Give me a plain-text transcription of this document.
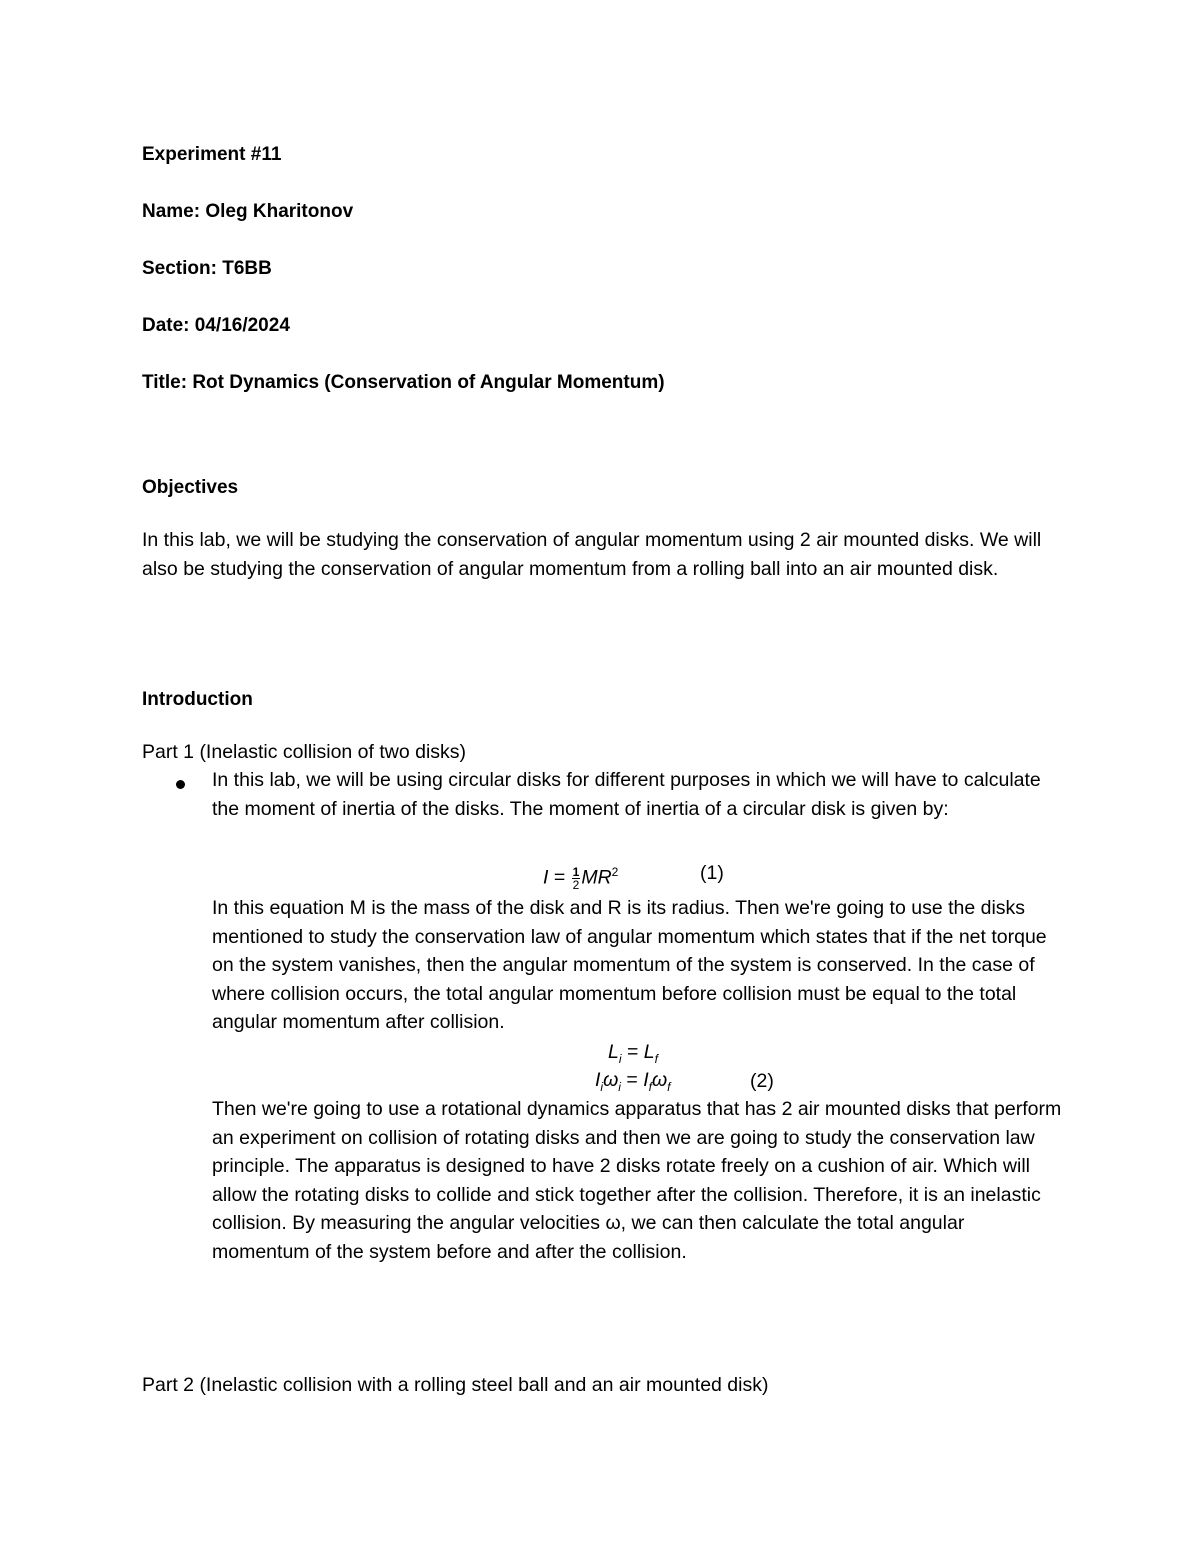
Experiment #11
Name: Oleg Kharitonov
Section: T6BB
Date: 04/16/2024
Title: Rot Dynamics (Conservation of Angular Momentum)
Objectives
In this lab, we will be studying the conservation of angular momentum using 2 air mounted disks. We will also be studying the conservation of angular momentum from a rolling ball into an air mounted disk.
Introduction
Part 1 (Inelastic collision of two disks)
In this lab, we will be using circular disks for different purposes in which we will have to calculate the moment of inertia of the disks. The moment of inertia of a circular disk is given by:
$I = \frac{1}{2} MR^2$	(1)
In this equation M is the mass of the disk and R is its radius. Then we're going to use the disks mentioned to study the conservation law of angular momentum which states that if the net torque on the system vanishes, then the angular momentum of the system is conserved. In the case of where collision occurs, the total angular momentum before collision must be equal to the total angular momentum after collision.
$L_i = L_f$
$I_i\omega_i = I_f\omega_f$	(2)
Then we're going to use a rotational dynamics apparatus that has 2 air mounted disks that perform an experiment on collision of rotating disks and then we are going to study the conservation law principle. The apparatus is designed to have 2 disks rotate freely on a cushion of air. Which will allow the rotating disks to collide and stick together after the collision. Therefore, it is an inelastic collision. By measuring the angular velocities ω, we can then calculate the total angular momentum of the system before and after the collision.
Part 2 (Inelastic collision with a rolling steel ball and an air mounted disk)
